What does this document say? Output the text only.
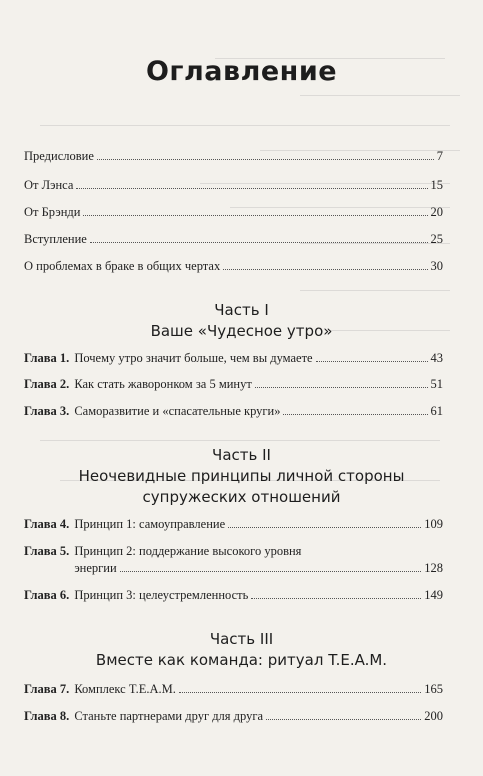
Оглавление
Предисловие	7
От Лэнса	15
От Брэнди	20
Вступление	25
О проблемах в браке в общих чертах	30
Часть I
Ваше «Чудесное утро»
Глава 1. Почему утро значит больше, чем вы думаете	43
Глава 2. Как стать жаворонком за 5 минут	51
Глава 3. Саморазвитие и «спасательные круги»	61
Часть II
Неочевидные принципы личной стороны
супружеских отношений
Глава 4. Принцип 1: самоуправление	109
Глава 5. Принцип 2: поддержание высокого уровня
энергии	128
Глава 6. Принцип 3: целеустремленность	149
Часть III
Вместе как команда: ритуал T.E.A.M.
Глава 7. Комплекс T.E.A.M.	165
Глава 8. Станьте партнерами друг для друга	200
